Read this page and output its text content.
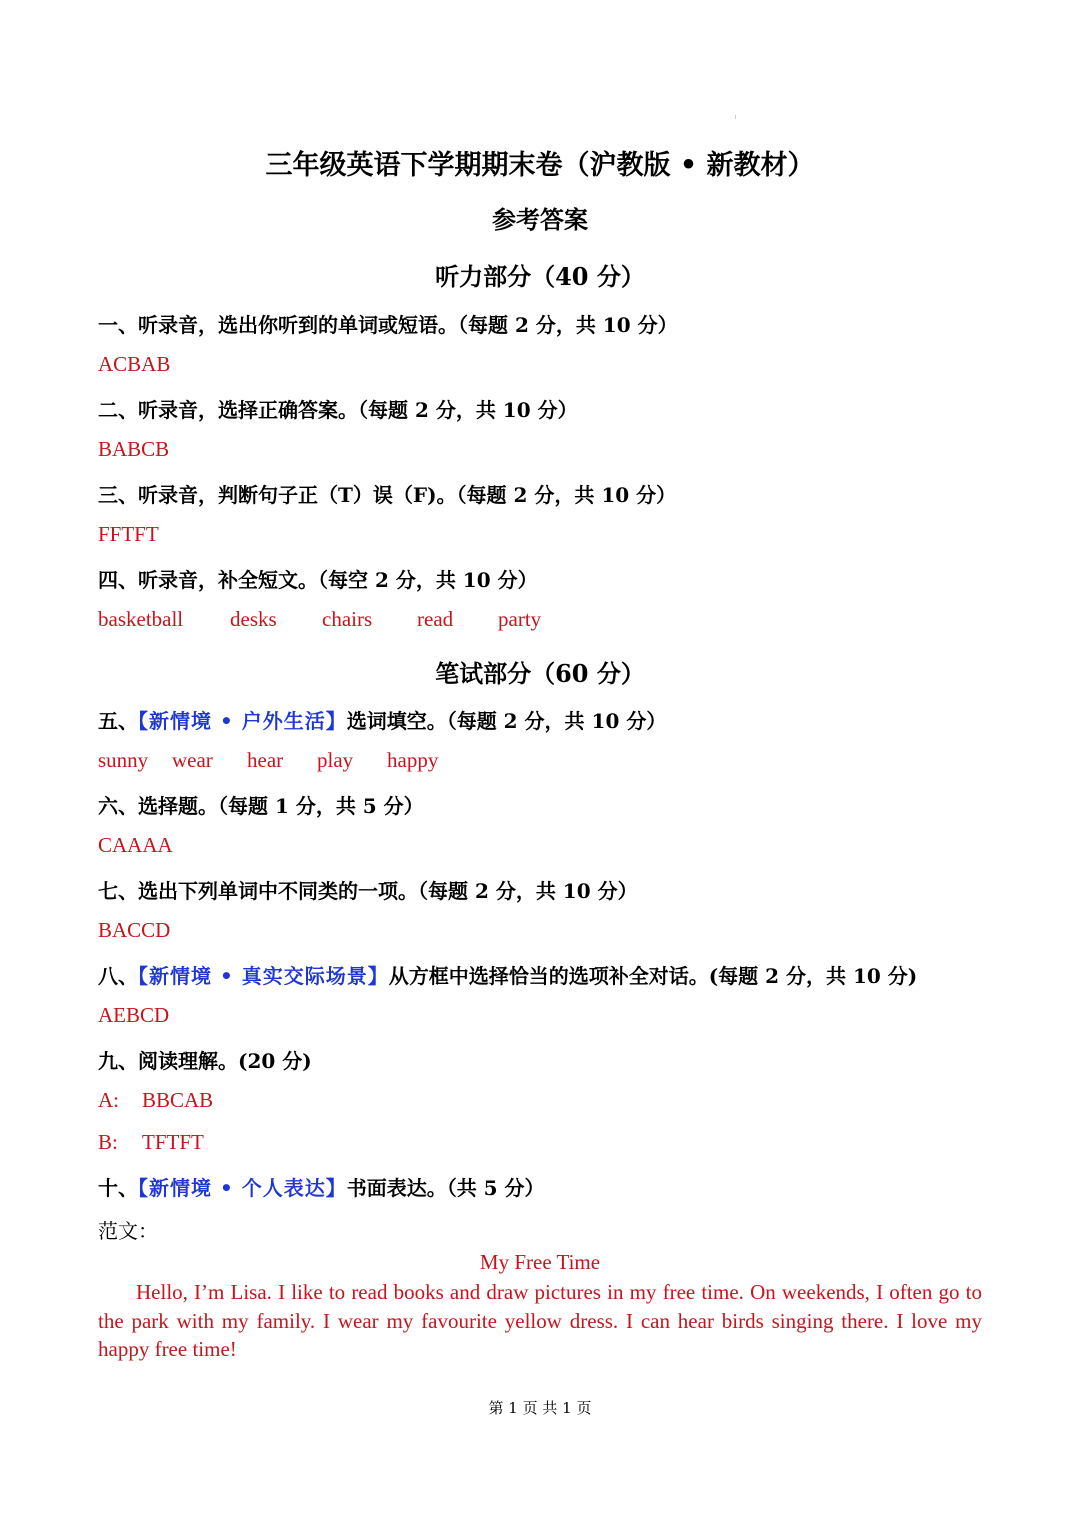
三年级英语下学期期末卷（沪教版 • 新教材）
参考答案
听力部分（40 分）
一、听录音，选出你听到的单词或短语。（每题 2 分，共 10 分）
ACBAB
二、听录音，选择正确答案。（每题 2 分，共 10 分）
BABCB
三、听录音，判断句子正（T）误（F)。（每题 2 分，共 10 分）
FFTFT
四、听录音，补全短文。（每空 2 分，共 10 分）
basketball desks chairs read party
笔试部分（60 分）
五、【新情境 • 户外生活】选词填空。（每题 2 分，共 10 分）
sunny wear hear play happy
六、选择题。（每题 1 分，共 5 分）
CAAAA
七、选出下列单词中不同类的一项。（每题 2 分，共 10 分）
BACCD
八、【新情境 • 真实交际场景】从方框中选择恰当的选项补全对话。(每题 2 分，共 10 分)
AEBCD
九、阅读理解。(20 分)
A: BBCAB
B: TFTFT
十、【新情境 • 个人表达】书面表达。（共 5 分）
范文：
My Free Time
Hello, I’m Lisa. I like to read books and draw pictures in my free time. On weekends, I often go to the park with my family. I wear my favourite yellow dress. I can hear birds singing there. I love my happy free time!
第 1 页 共 1 页
